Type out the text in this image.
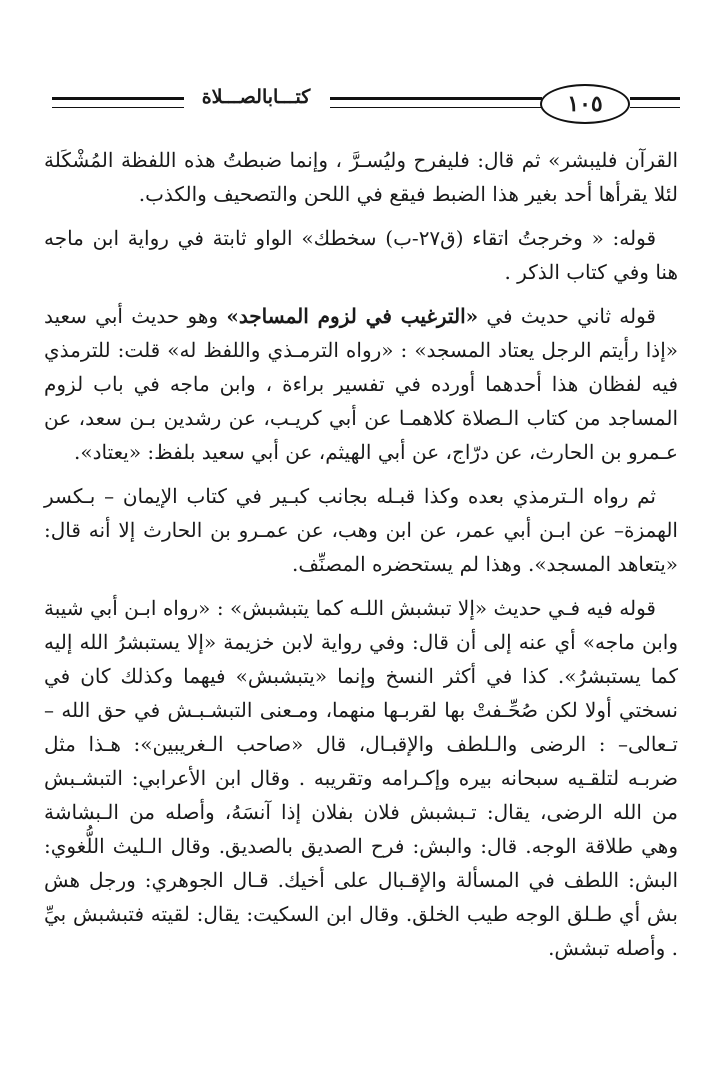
١٠٥
كتـــابالصـــلاة

القرآن فليبشر» ثم قال: فليفرح وليُسـرَّ ، وإنما ضبطتُ هذه اللفظة المُشْكَلة لئلا يقرأها أحد بغير هذا الضبط فيقع في اللحن والتصحيف والكذب.

قوله: « وخرجتُ اتقاء (ق٢٧-ب) سخطك» الواو ثابتة في رواية ابن ماجه هنا وفي كتاب الذكر .

قوله ثاني حديث في «الترغيب في لزوم المساجد» وهو حديث أبي سعيد «إذا رأيتم الرجل يعتاد المسجد» : «رواه الترمـذي واللفظ له» قلت: للترمذي فيه لفظان هذا أحدهما أورده في تفسير براءة ، وابن ماجه في باب لزوم المساجد من كتاب الـصلاة كلاهمـا عن أبي كريـب، عن رشدين بـن سعد، عن عـمرو بن الحارث، عن درّاج، عن أبي الهيثم، عن أبي سعيد بلفظ: «يعتاد».

ثم رواه الـترمذي بعده وكذا قبـله بجانب كبـير في كتاب الإيمان – بـكسر الهمزة– عن ابـن أبي عمر، عن ابن وهب، عن عمـرو بن الحارث إلا أنه قال: «يتعاهد المسجد». وهذا لم يستحضره المصنِّف.

قوله فيه فـي حديث «إلا تبشبش اللـه كما يتبشبش» : «رواه ابـن أبي شيبة وابن ماجه» أي عنه إلى أن قال: وفي رواية لابن خزيمة «إلا يستبشرُ الله إليه كما يستبشرُ». كذا في أكثر النسخ وإنما «يتبشبش» فيهما وكذلك كان في نسختي أولا لكن صُحِّـفتْ بها لقربـها منهما، ومـعنى التبشـبـش في حق الله – تـعالى– : الرضى والـلطف والإقبـال، قال «صاحب الـغريبين»: هـذا مثل ضربـه لتلقـيه سبحانه بيره وإكـرامه وتقريبه . وقال ابن الأعرابي: التبشـبش من الله الرضى، يقال: تـبشبش فلان بفلان إذا آنسَهُ، وأصله من الـبشاشة وهي طلاقة الوجه. قال: والبش: فرح الصديق بالصديق. وقال الـليث اللُّغوي: البش: اللطف في المسألة والإقـبال على أخيك. قـال الجوهري: ورجل هش بش أي طـلق الوجه طيب الخلق. وقال ابن السكيت: يقال: لقيته فتبشبش بيِّ . وأصله تبشش.
